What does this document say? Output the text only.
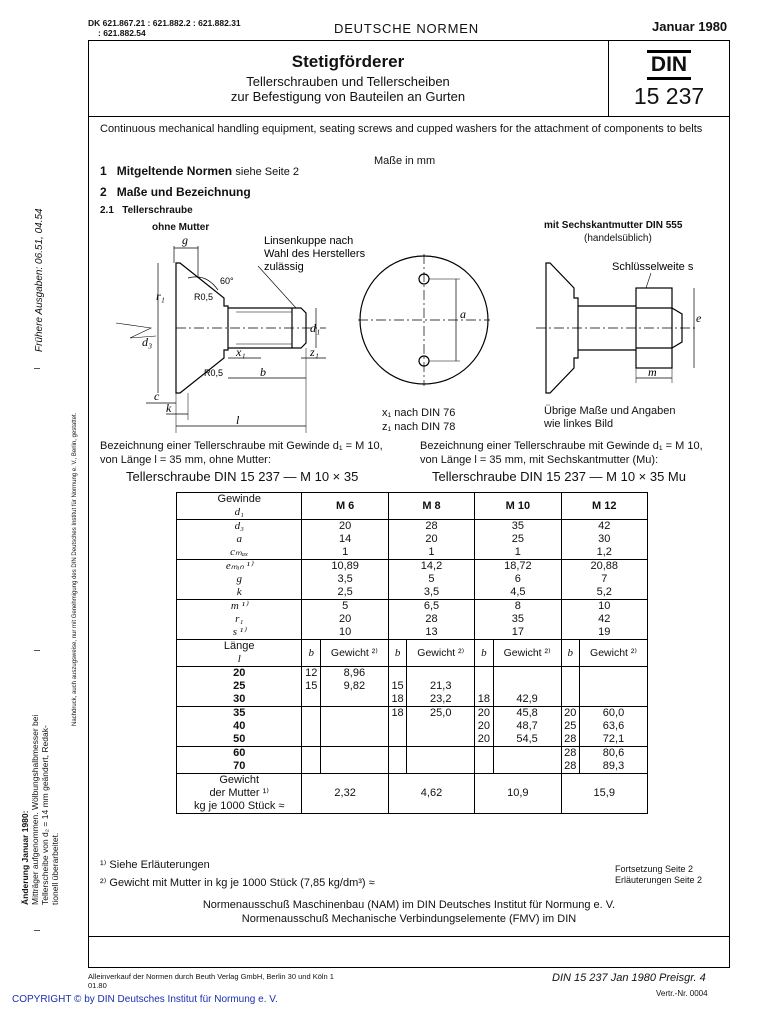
DK 621.867.21 : 621.882.2 : 621.882.31
: 621.882.54	DEUTSCHE NORMEN	Januar 1980
Stetigförderer
Tellerschrauben und Tellerscheiben
zur Befestigung von Bauteilen an Gurten
DIN
15 237
Continuous mechanical handling equipment, seating screws and cupped washers for the attachment of components to belts
Maße in mm
1 Mitgeltende Normen siehe Seite 2
2 Maße und Bezeichnung
2.1   Tellerschraube
ohne Mutter	mit Sechskantmutter DIN 555
(handelsüblich)
g
r₁
d₃
d₁
x₁	z₁
b
c
k
l
a	e
m
R0,5
R0,5
60°
Linsenkuppe nach
Wahl des Herstellers
zulässig	Schlüsselweite s
x₁ nach DIN 76
z₁ nach DIN 78
Übrige Maße und Angaben
wie linkes Bild
Bezeichnung einer Tellerschraube mit Gewinde d₁ = M 10,
von Länge l = 35 mm, ohne Mutter:
Tellerschraube DIN 15 237 — M 10 × 35
Bezeichnung einer Tellerschraube mit Gewinde d₁ = M 10,
von Länge l = 35 mm, mit Sechskantmutter (Mu):
Tellerschraube DIN 15 237 — M 10 × 35 Mu
Gewinde
d₁	M 6		M 8		M 10		M 12	
d₃	20		28		35		42	
a	14		20		25		30	
cₘₐₓ	1		1		1		1,2	
eₘᵢₙ ¹⁾	10,89		14,2		18,72		20,88	
g	3,5		5		6		7	
k	2,5		3,5		4,5		5,2	
m ¹⁾	5		6,5		8		10	
r₁	20		28		35		42	
s ¹⁾	10		13		17		19	

Länge
l	b	Gewicht ²⁾	b	Gewicht ²⁾	b	Gewicht ²⁾	b	Gewicht ²⁾
20	12	8,96						
25	15	9,82	15	21,3				
30			18	23,2	18	42,9		
35			18	25,0	20	45,8	20	60,0
40					20	48,7	25	63,6
50					20	54,5	28	72,1
60							28	80,6
70							28	89,3

Gewicht
der Mutter ¹⁾
kg je 1000 Stück ≈	2,32		4,62		10,9		15,9	
¹⁾ Siehe Erläuterungen
²⁾ Gewicht mit Mutter in kg je 1000 Stück (7,85 kg/dm³) ≈
Fortsetzung Seite 2
Erläuterungen Seite 2
Normenausschuß Maschinenbau (NAM) im DIN Deutsches Institut für Normung e. V.
Normenausschuß Mechanische Verbindungselemente (FMV) im DIN
Alleinverkauf der Normen durch Beuth Verlag GmbH, Berlin 30 und Köln 1
01.80
DIN 15 237 Jan 1980 Preisgr. 4
Vertr.-Nr. 0004
COPYRIGHT © by DIN Deutsches Institut für Normung e. V.
Frühere Ausgaben: 06.51, 04.54
Nachdruck, auch auszugsweise, nur mit Genehmigung des DIN Deutsches Institut für Normung e. V., Berlin, gestattet.
Änderung Januar 1980: Mitträger aufgenommen. Wölbungshalbmesser bei Tellerscheibe von d₂ = 14 mm geändert, Redak- tionell überarbeitet.
